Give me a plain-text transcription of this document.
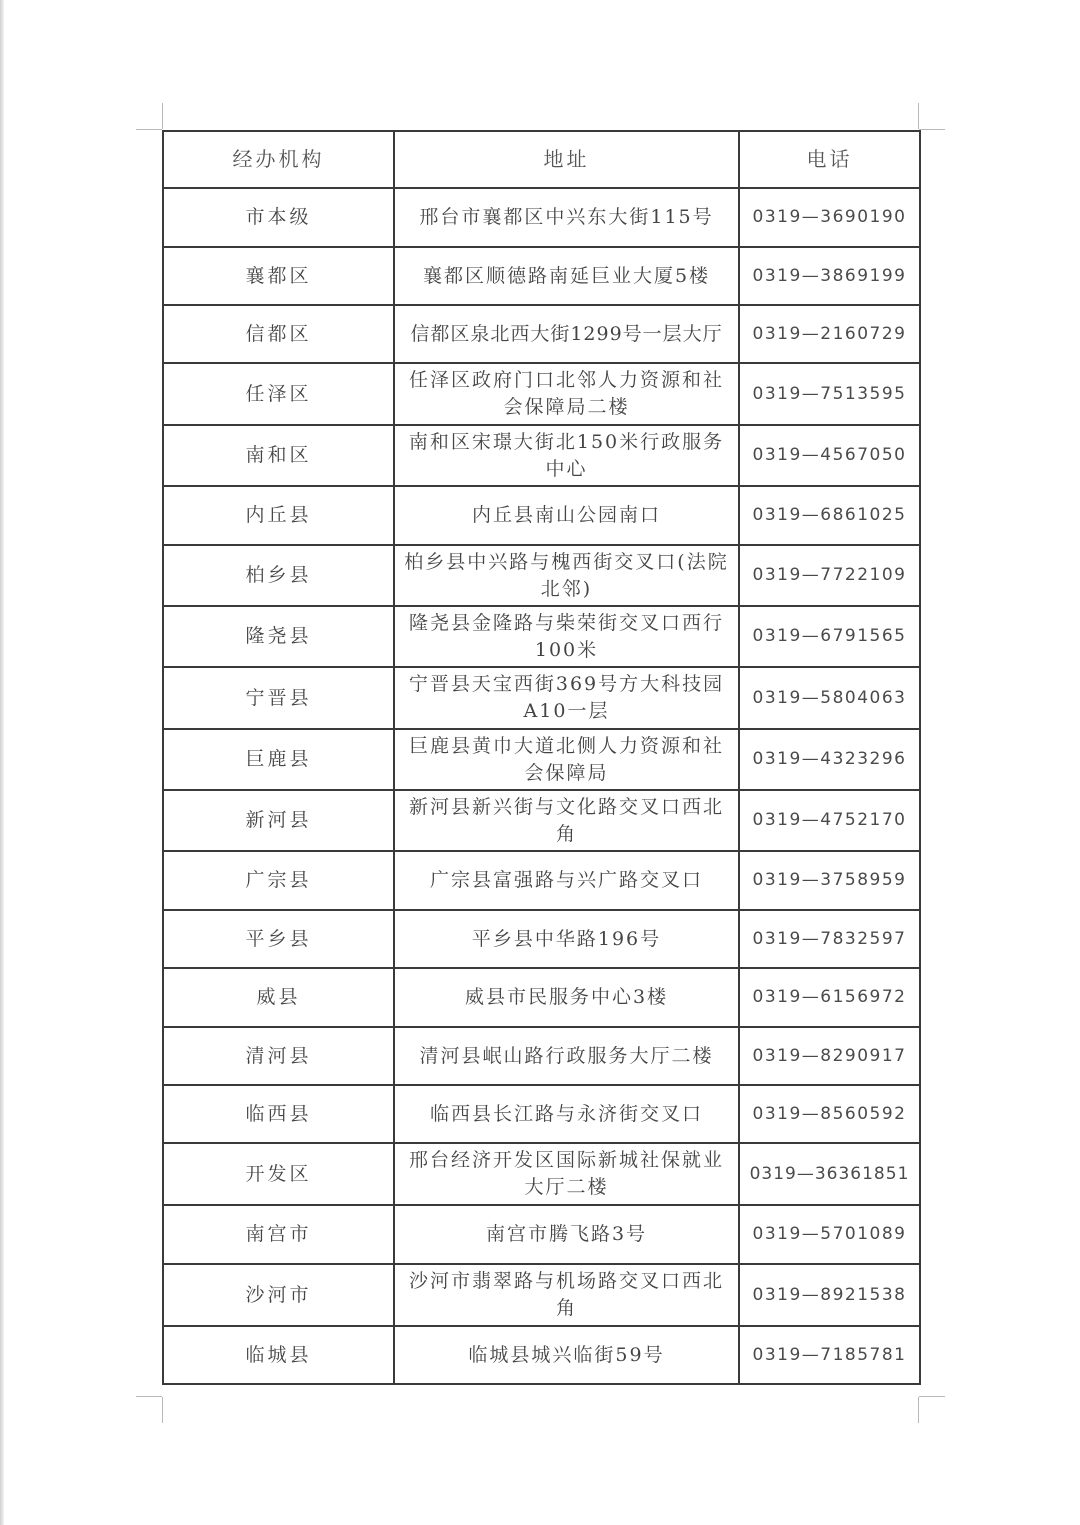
经办机构	地址	电话
市本级	邢台市襄都区中兴东大街115号	0319—3690190
襄都区	襄都区顺德路南延巨业大厦5楼	0319—3869199
信都区	信都区泉北西大街1299号一层大厅	0319—2160729
任泽区	任泽区政府门口北邻人力资源和社会保障局二楼	0319—7513595
南和区	南和区宋璟大街北150米行政服务中心	0319—4567050
内丘县	内丘县南山公园南口	0319—6861025
柏乡县	柏乡县中兴路与槐西街交叉口(法院北邻)	0319—7722109
隆尧县	隆尧县金隆路与柴荣街交叉口西行100米	0319—6791565
宁晋县	宁晋县天宝西街369号方大科技园A10一层	0319—5804063
巨鹿县	巨鹿县黄巾大道北侧人力资源和社会保障局	0319—4323296
新河县	新河县新兴街与文化路交叉口西北角	0319—4752170
广宗县	广宗县富强路与兴广路交叉口	0319—3758959
平乡县	平乡县中华路196号	0319—7832597
威县	威县市民服务中心3楼	0319—6156972
清河县	清河县岷山路行政服务大厅二楼	0319—8290917
临西县	临西县长江路与永济街交叉口	0319—8560592
开发区	邢台经济开发区国际新城社保就业大厅二楼	0319—36361851
南宫市	南宫市腾飞路3号	0319—5701089
沙河市	沙河市翡翠路与机场路交叉口西北角	0319—8921538
临城县	临城县城兴临街59号	0319—7185781
